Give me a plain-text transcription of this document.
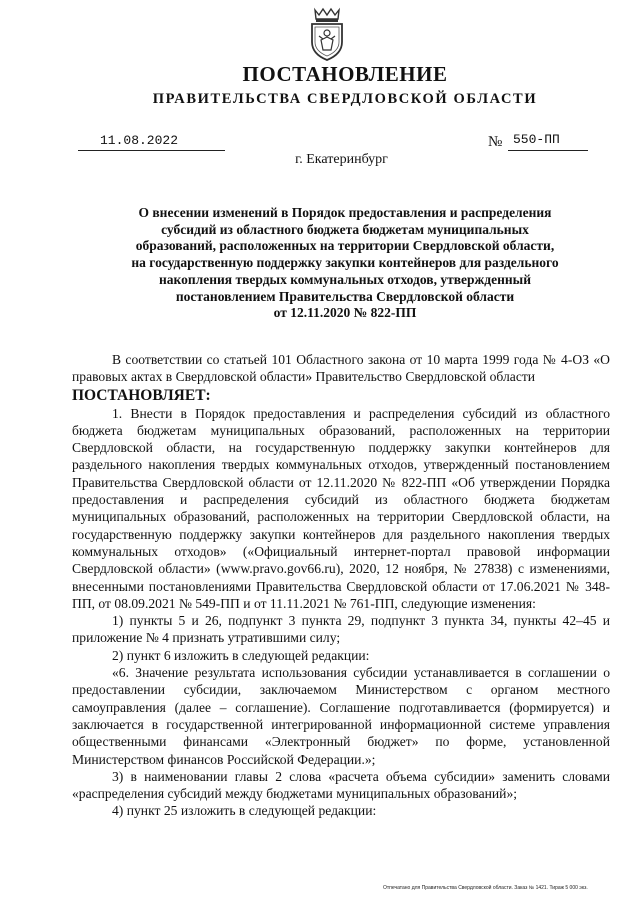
ПОСТАНОВЛЕНИЕ
ПРАВИТЕЛЬСТВА СВЕРДЛОВСКОЙ ОБЛАСТИ
11.08.2022	№ 550-ПП
г. Екатеринбург
О внесении изменений в Порядок предоставления и распределения
субсидий из областного бюджета бюджетам муниципальных
образований, расположенных на территории Свердловской области,
на государственную поддержку закупки контейнеров для раздельного
накопления твердых коммунальных отходов, утвержденный
постановлением Правительства Свердловской области
от 12.11.2020 № 822-ПП

В соответствии со статьей 101 Областного закона от 10 марта 1999 года № 4-ОЗ «О правовых актах в Свердловской области» Правительство Свердловской области

ПОСТАНОВЛЯЕТ:

1. Внести в Порядок предоставления и распределения субсидий из областного бюджета бюджетам муниципальных образований, расположенных на территории Свердловской области, на государственную поддержку закупки контейнеров для раздельного накопления твердых коммунальных отходов, утвержденный постановлением Правительства Свердловской области от 12.11.2020 № 822-ПП «Об утверждении Порядка предоставления и распределения субсидий из областного бюджета бюджетам муниципальных образований, расположенных на территории Свердловской области, на государственную поддержку закупки контейнеров для раздельного накопления твердых коммунальных отходов» («Официальный интернет-портал правовой информации Свердловской области» (www.pravo.gov66.ru), 2020, 12 ноября, № 27838) с изменениями, внесенными постановлениями Правительства Свердловской области от 17.06.2021 № 348-ПП, от 08.09.2021 № 549-ПП и от 11.11.2021 № 761-ПП, следующие изменения:

1) пункты 5 и 26, подпункт 3 пункта 29, подпункт 3 пункта 34, пункты 42–45 и приложение № 4 признать утратившими силу;

2) пункт 6 изложить в следующей редакции:

«6. Значение результата использования субсидии устанавливается в соглашении о предоставлении субсидии, заключаемом Министерством с органом местного самоуправления (далее – соглашение). Соглашение подготавливается (формируется) и заключается в государственной интегрированной информационной системе управления общественными финансами «Электронный бюджет» по форме, установленной Министерством финансов Российской Федерации.»;

3) в наименовании главы 2 слова «расчета объема субсидии» заменить словами «распределения субсидий между бюджетами муниципальных образований»;

4) пункт 25 изложить в следующей редакции:

Отпечатано для Правительства Свердловской области. Заказ № 1421. Тираж 5 000 экз.
